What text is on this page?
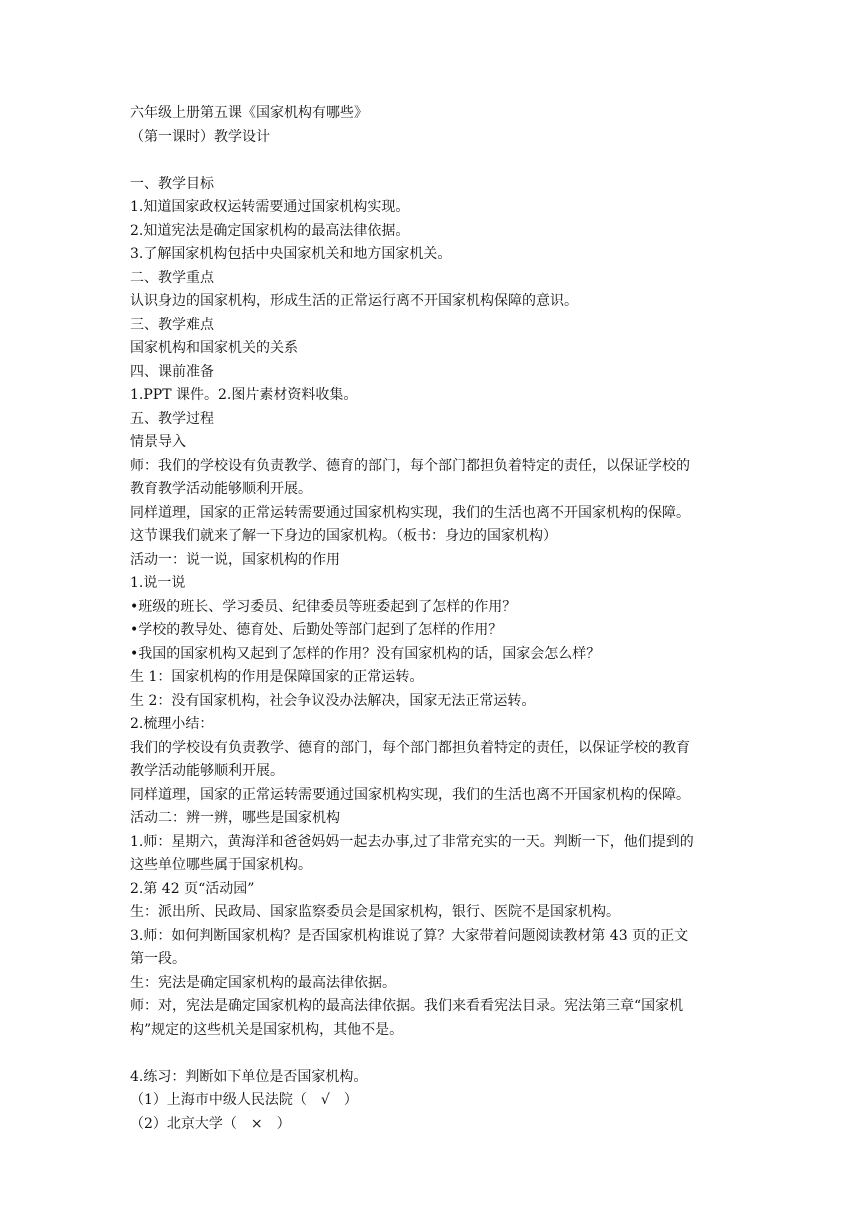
六年级上册第五课《国家机构有哪些》
（第一课时）教学设计
一、教学目标
1.知道国家政权运转需要通过国家机构实现。
2.知道宪法是确定国家机构的最高法律依据。
3.了解国家机构包括中央国家机关和地方国家机关。
二、教学重点
认识身边的国家机构，形成生活的正常运行离不开国家机构保障的意识。
三、教学难点
国家机构和国家机关的关系
四、课前准备
1.PPT 课件。2.图片素材资料收集。
五、教学过程
情景导入
师：我们的学校设有负责教学、德育的部门，每个部门都担负着特定的责任，以保证学校的
教育教学活动能够顺利开展。
同样道理，国家的正常运转需要通过国家机构实现，我们的生活也离不开国家机构的保障。
这节课我们就来了解一下身边的国家机构。（板书：身边的国家机构）
活动一：说一说，国家机构的作用
1.说一说
•班级的班长、学习委员、纪律委员等班委起到了怎样的作用？
•学校的教导处、德育处、后勤处等部门起到了怎样的作用？
•我国的国家机构又起到了怎样的作用？没有国家机构的话，国家会怎么样？
生 1：国家机构的作用是保障国家的正常运转。
生 2：没有国家机构，社会争议没办法解决，国家无法正常运转。
2.梳理小结：
我们的学校设有负责教学、德育的部门，每个部门都担负着特定的责任，以保证学校的教育
教学活动能够顺利开展。
同样道理，国家的正常运转需要通过国家机构实现，我们的生活也离不开国家机构的保障。
活动二：辨一辨，哪些是国家机构
1.师：星期六，黄海洋和爸爸妈妈一起去办事,过了非常充实的一天。判断一下，他们提到的
这些单位哪些属于国家机构。
2.第 42 页“活动园”
生：派出所、民政局、国家监察委员会是国家机构，银行、医院不是国家机构。
3.师：如何判断国家机构？是否国家机构谁说了算？大家带着问题阅读教材第 43 页的正文
第一段。
生：宪法是确定国家机构的最高法律依据。
师：对，宪法是确定国家机构的最高法律依据。我们来看看宪法目录。宪法第三章“国家机
构”规定的这些机关是国家机构，其他不是。
4.练习：判断如下单位是否国家机构。
（1）上海市中级人民法院（　√　）
（2）北京大学（　×　）
